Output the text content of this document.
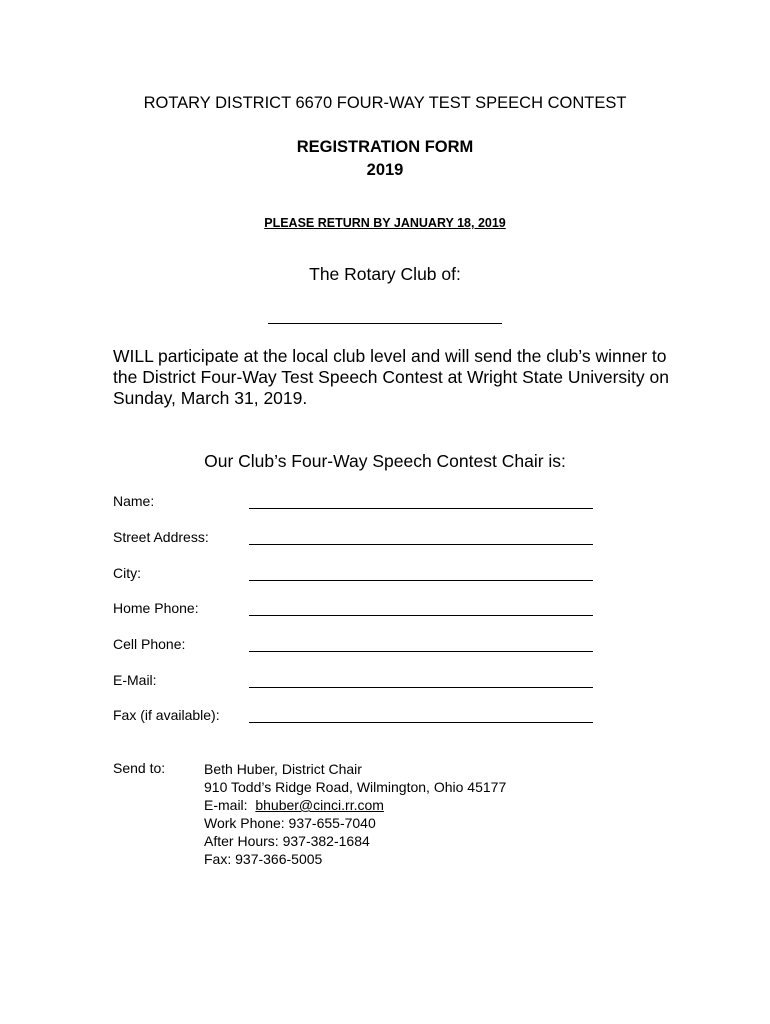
ROTARY DISTRICT 6670 FOUR-WAY TEST SPEECH CONTEST
REGISTRATION FORM
2019
PLEASE RETURN BY JANUARY 18, 2019
The Rotary Club of:
WILL participate at the local club level and will send the club’s winner to the District Four-Way Test Speech Contest at Wright State University on Sunday, March 31, 2019.
Our Club’s Four-Way Speech Contest Chair is:
Name:
Street Address:
City:
Home Phone:
Cell Phone:
E-Mail:
Fax (if available):
Send to:	Beth Huber, District Chair
910 Todd’s Ridge Road, Wilmington, Ohio 45177
E-mail:  bhuber@cinci.rr.com
Work Phone: 937-655-7040
After Hours: 937-382-1684
Fax: 937-366-5005
